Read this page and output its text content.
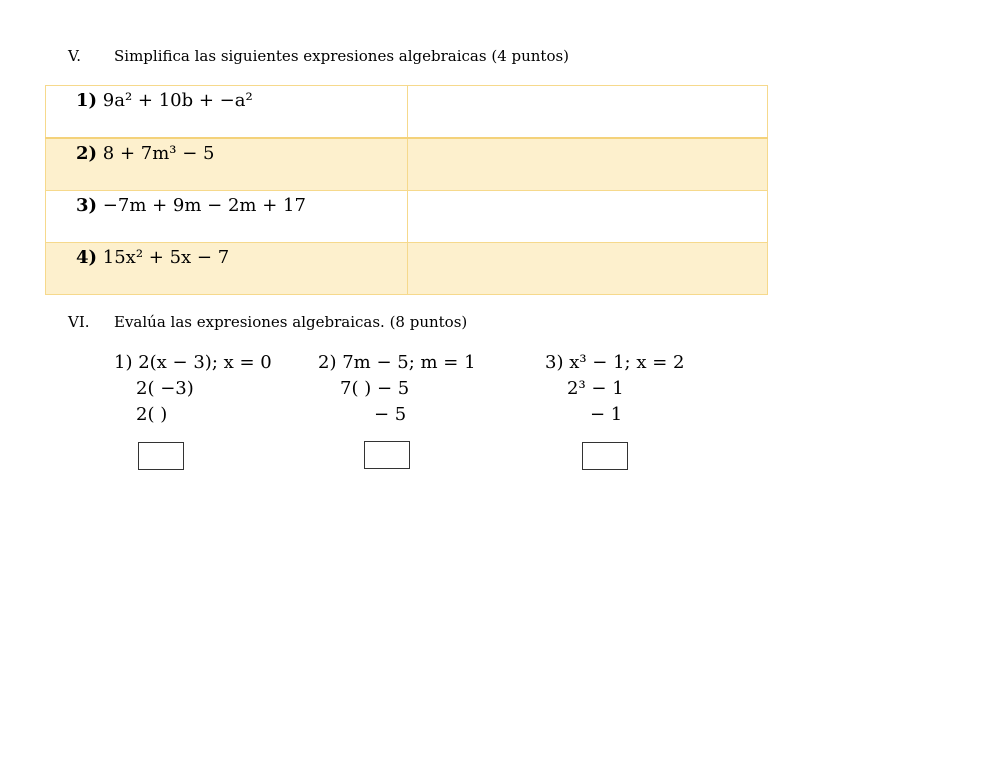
V. Simplifica las siguientes expresiones algebraicas (4 puntos)
1) 9a² + 10b + −a²	

2) 8 + 7m³ − 5	

3) −7m + 9m − 2m + 17	

4) 15x² + 5x − 7	

VI. Evalúa las expresiones algebraicas. (8 puntos)
1) 2(x − 3); x = 0
2( −3)
2( )
2) 7m − 5; m = 1
7( ) − 5
− 5
3) x³ − 1; x = 2
2³ − 1
− 1
